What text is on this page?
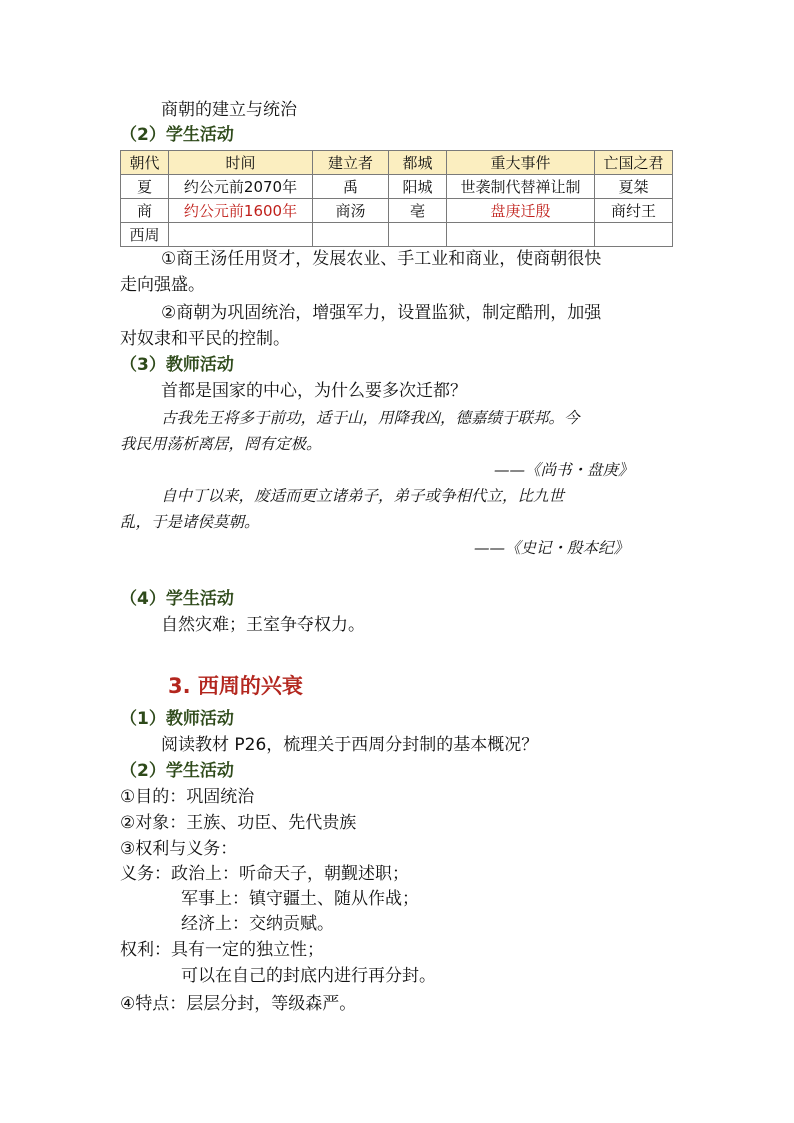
商朝的建立与统治
（2）学生活动
朝代	时间	建立者	都城	重大事件	亡国之君
夏	约公元前2070年	禹	阳城	世袭制代替禅让制	夏桀
商	约公元前1600年	商汤	亳	盘庚迁殷	商纣王
西周					
①商王汤任用贤才，发展农业、手工业和商业，使商朝很快
走向强盛。
②商朝为巩固统治，增强军力，设置监狱，制定酷刑，加强
对奴隶和平民的控制。
（3）教师活动
首都是国家的中心，为什么要多次迁都？
古我先王将多于前功，适于山，用降我凶，德嘉绩于联邦。今
我民用荡析离居，罔有定极。
——《尚书・盘庚》
自中丁以来，废适而更立诸弟子，弟子或争相代立，比九世
乱，于是诸侯莫朝。
——《史记・殷本纪》
（4）学生活动
自然灾难；王室争夺权力。
3. 西周的兴衰
（1）教师活动
阅读教材 P26，梳理关于西周分封制的基本概况？
（2）学生活动
①目的：巩固统治
②对象：王族、功臣、先代贵族
③权利与义务：
义务：政治上：听命天子，朝觐述职；
军事上：镇守疆土、随从作战；
经济上：交纳贡赋。
权利：具有一定的独立性；
可以在自己的封底内进行再分封。
④特点：层层分封，等级森严。
